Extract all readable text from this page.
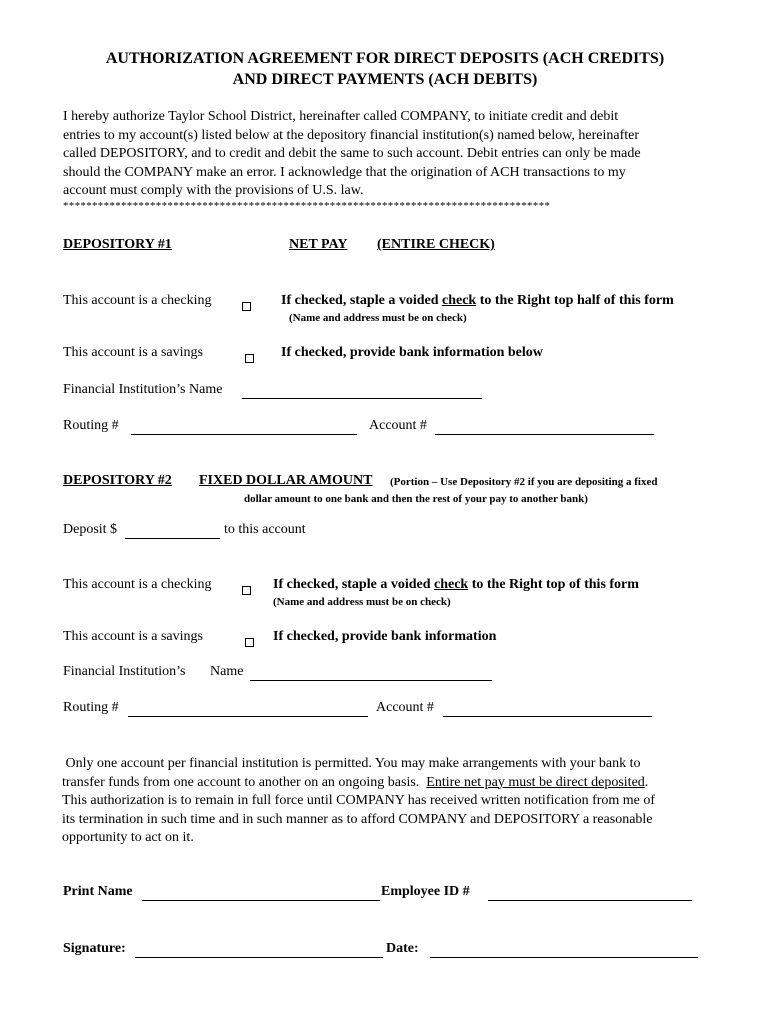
AUTHORIZATION AGREEMENT FOR DIRECT DEPOSITS (ACH CREDITS)
AND DIRECT PAYMENTS (ACH DEBITS)
I hereby authorize Taylor School District, hereinafter called COMPANY, to initiate credit and debit
entries to my account(s) listed below at the depository financial institution(s) named below, hereinafter
called DEPOSITORY, and to credit and debit the same to such account. Debit entries can only be made
should the COMPANY make an error. I acknowledge that the origination of ACH transactions to my
account must comply with the provisions of U.S. law.
************************************************************************************
DEPOSITORY #1	NET PAY (ENTIRE CHECK)
This account is a checking	If checked, staple a voided check to the Right top half of this form
(Name and address must be on check)
This account is a savings	If checked, provide bank information below
Financial Institution’s Name
Routing #	Account #
DEPOSITORY #2 FIXED DOLLAR AMOUNT (Portion – Use Depository #2 if you are depositing a fixed
dollar amount to one bank and then the rest of your pay to another bank)
Deposit $	to this account
This account is a checking	If checked, staple a voided check to the Right top of this form
(Name and address must be on check)
This account is a savings	If checked, provide bank information
Financial Institution’s Name
Routing #	Account #
Only one account per financial institution is permitted. You may make arrangements with your bank to
transfer funds from one account to another on an ongoing basis.  Entire net pay must be direct deposited.
This authorization is to remain in full force until COMPANY has received written notification from me of
its termination in such time and in such manner as to afford COMPANY and DEPOSITORY a reasonable
opportunity to act on it.
Print Name	Employee ID #
Signature:	Date:
